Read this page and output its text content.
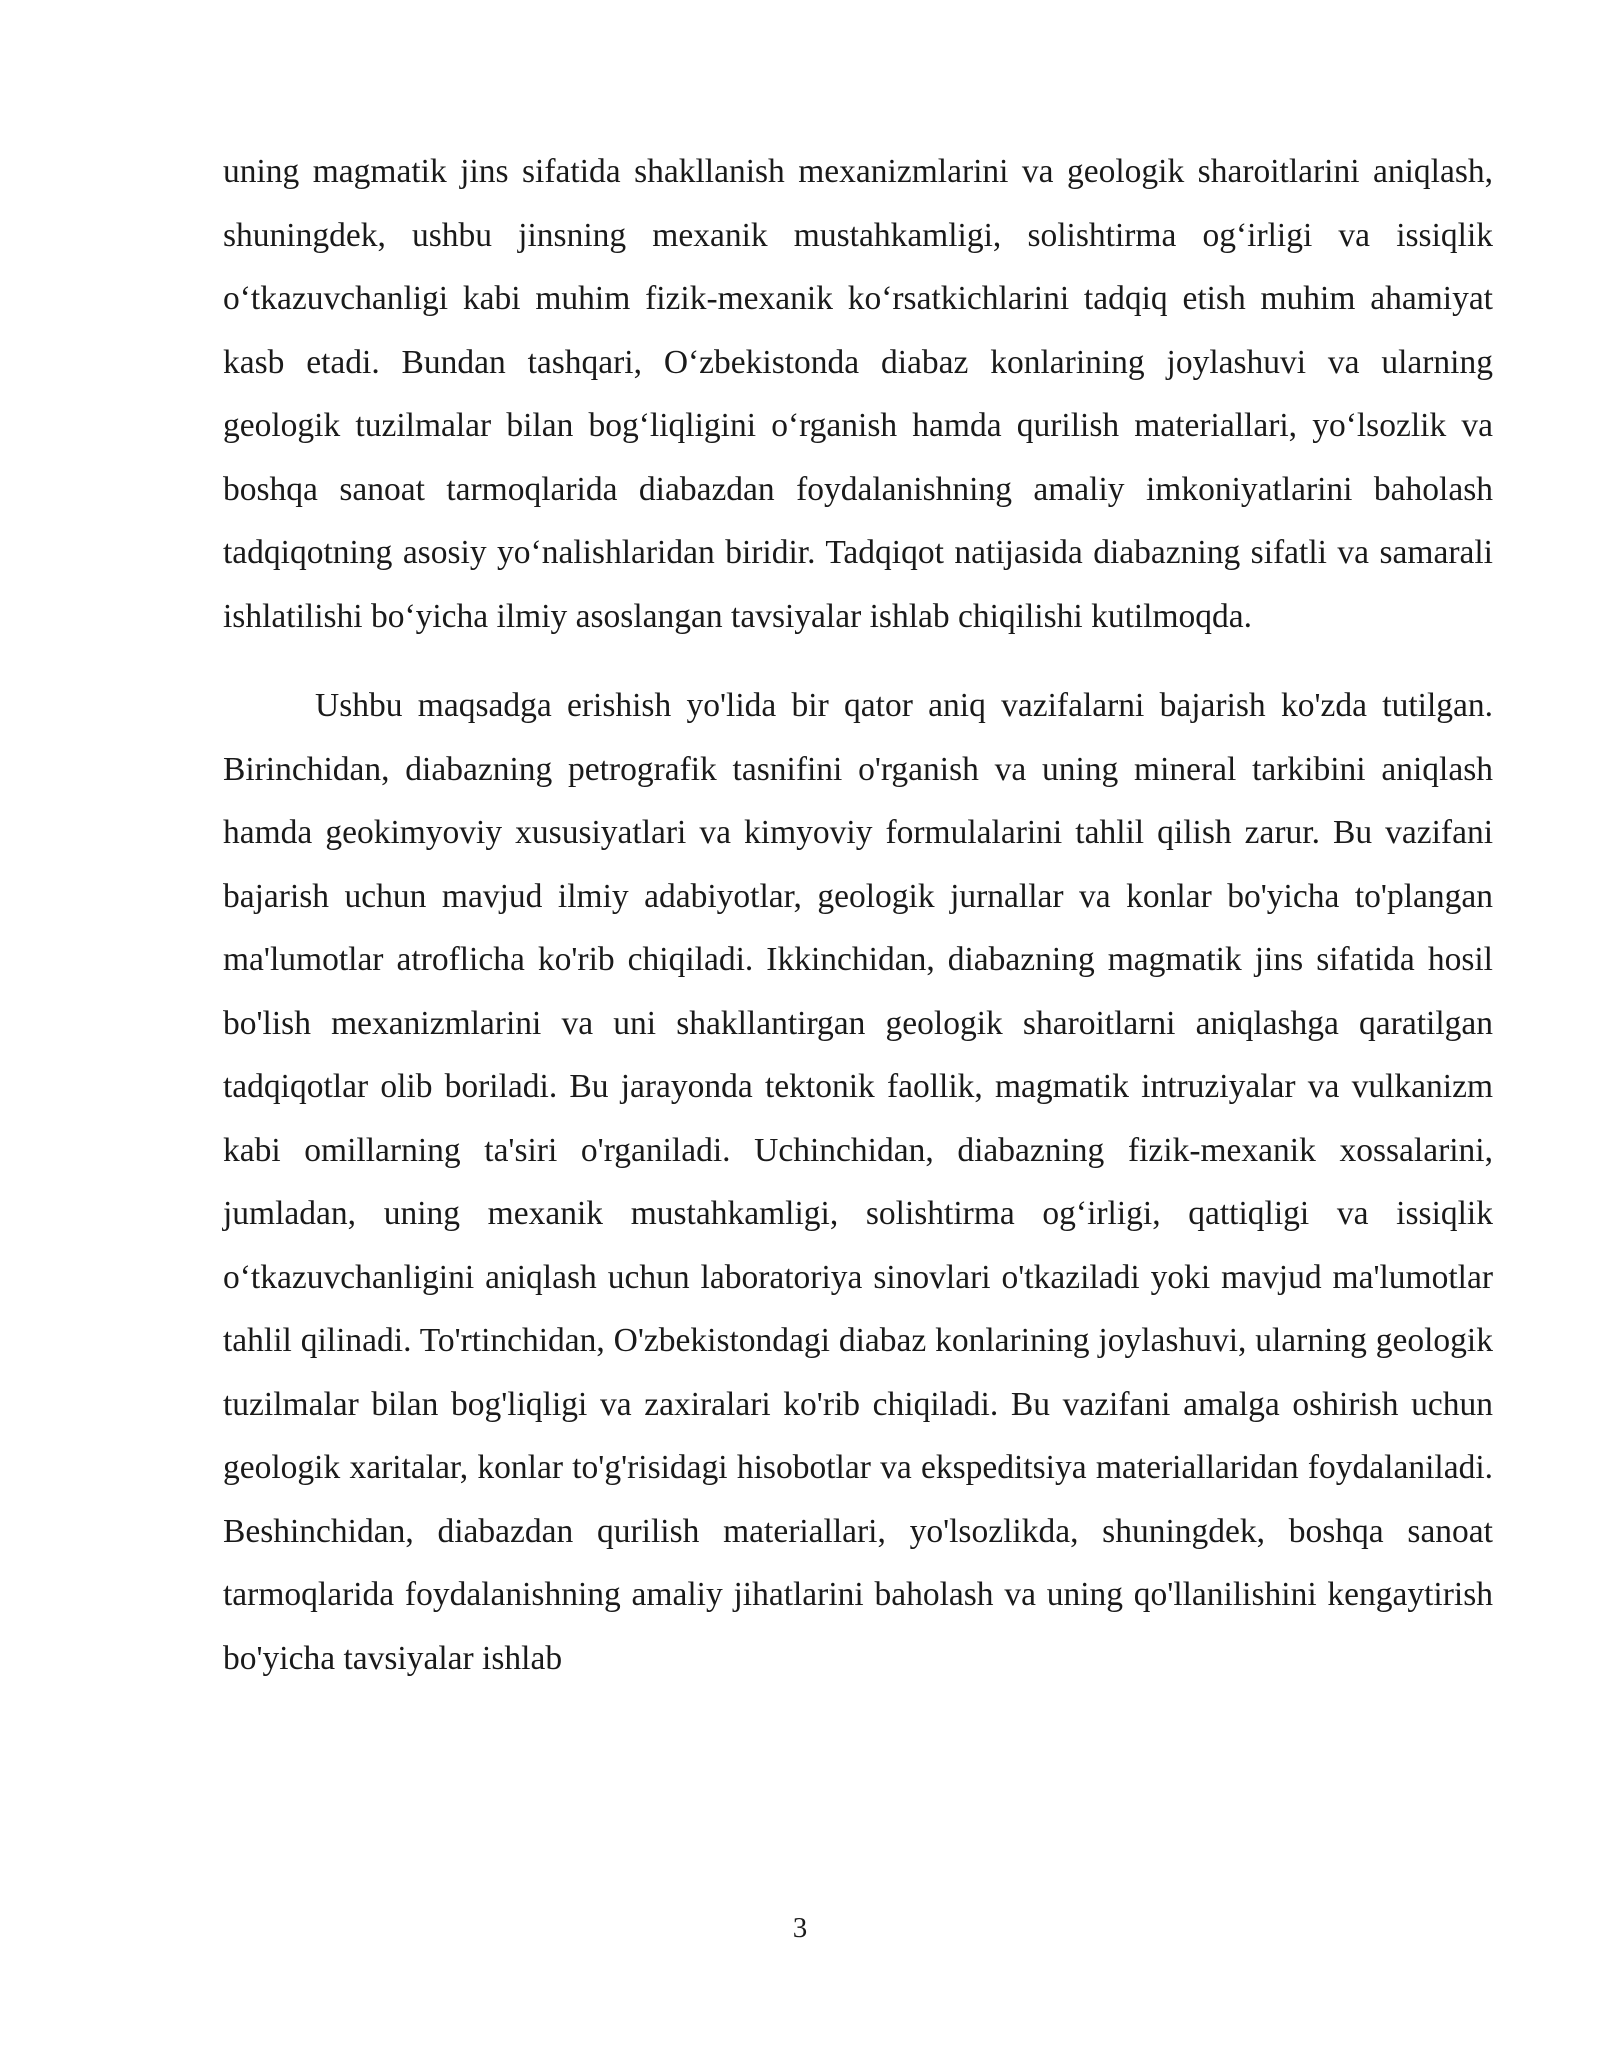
uning magmatik jins sifatida shakllanish mexanizmlarini va geologik sharoitlarini aniqlash, shuningdek, ushbu jinsning mexanik mustahkamligi, solishtirma og‘irligi va issiqlik o‘tkazuvchanligi kabi muhim fizik-mexanik ko‘rsatkichlarini tadqiq etish muhim ahamiyat kasb etadi. Bundan tashqari, O‘zbekistonda diabaz konlarining joylashuvi va ularning geologik tuzilmalar bilan bog‘liqligini o‘rganish hamda qurilish materiallari, yo‘lsozlik va boshqa sanoat tarmoqlarida diabazdan foydalanishning amaliy imkoniyatlarini baholash tadqiqotning asosiy yo‘nalishlaridan biridir. Tadqiqot natijasida diabazning sifatli va samarali ishlatilishi bo‘yicha ilmiy asoslangan tavsiyalar ishlab chiqilishi kutilmoqda.

Ushbu maqsadga erishish yo'lida bir qator aniq vazifalarni bajarish ko'zda tutilgan. Birinchidan, diabazning petrografik tasnifini o'rganish va uning mineral tarkibini aniqlash hamda geokimyoviy xususiyatlari va kimyoviy formulalarini tahlil qilish zarur. Bu vazifani bajarish uchun mavjud ilmiy adabiyotlar, geologik jurnallar va konlar bo'yicha to'plangan ma'lumotlar atroflicha ko'rib chiqiladi. Ikkinchidan, diabazning magmatik jins sifatida hosil bo'lish mexanizmlarini va uni shakllantirgan geologik sharoitlarni aniqlashga qaratilgan tadqiqotlar olib boriladi. Bu jarayonda tektonik faollik, magmatik intruziyalar va vulkanizm kabi omillarning ta'siri o'rganiladi. Uchinchidan, diabazning fizik-mexanik xossalarini, jumladan, uning mexanik mustahkamligi, solishtirma og‘irligi, qattiqligi va issiqlik o‘tkazuvchanligini aniqlash uchun laboratoriya sinovlari o'tkaziladi yoki mavjud ma'lumotlar tahlil qilinadi. To'rtinchidan, O'zbekistondagi diabaz konlarining joylashuvi, ularning geologik tuzilmalar bilan bog'liqligi va zaxiralari ko'rib chiqiladi. Bu vazifani amalga oshirish uchun geologik xaritalar, konlar to'g'risidagi hisobotlar va ekspeditsiya materiallaridan foydalaniladi. Beshinchidan, diabazdan qurilish materiallari, yo'lsozlikda, shuningdek, boshqa sanoat tarmoqlarida foydalanishning amaliy jihatlarini baholash va uning qo'llanilishini kengaytirish bo'yicha tavsiyalar ishlab

3
